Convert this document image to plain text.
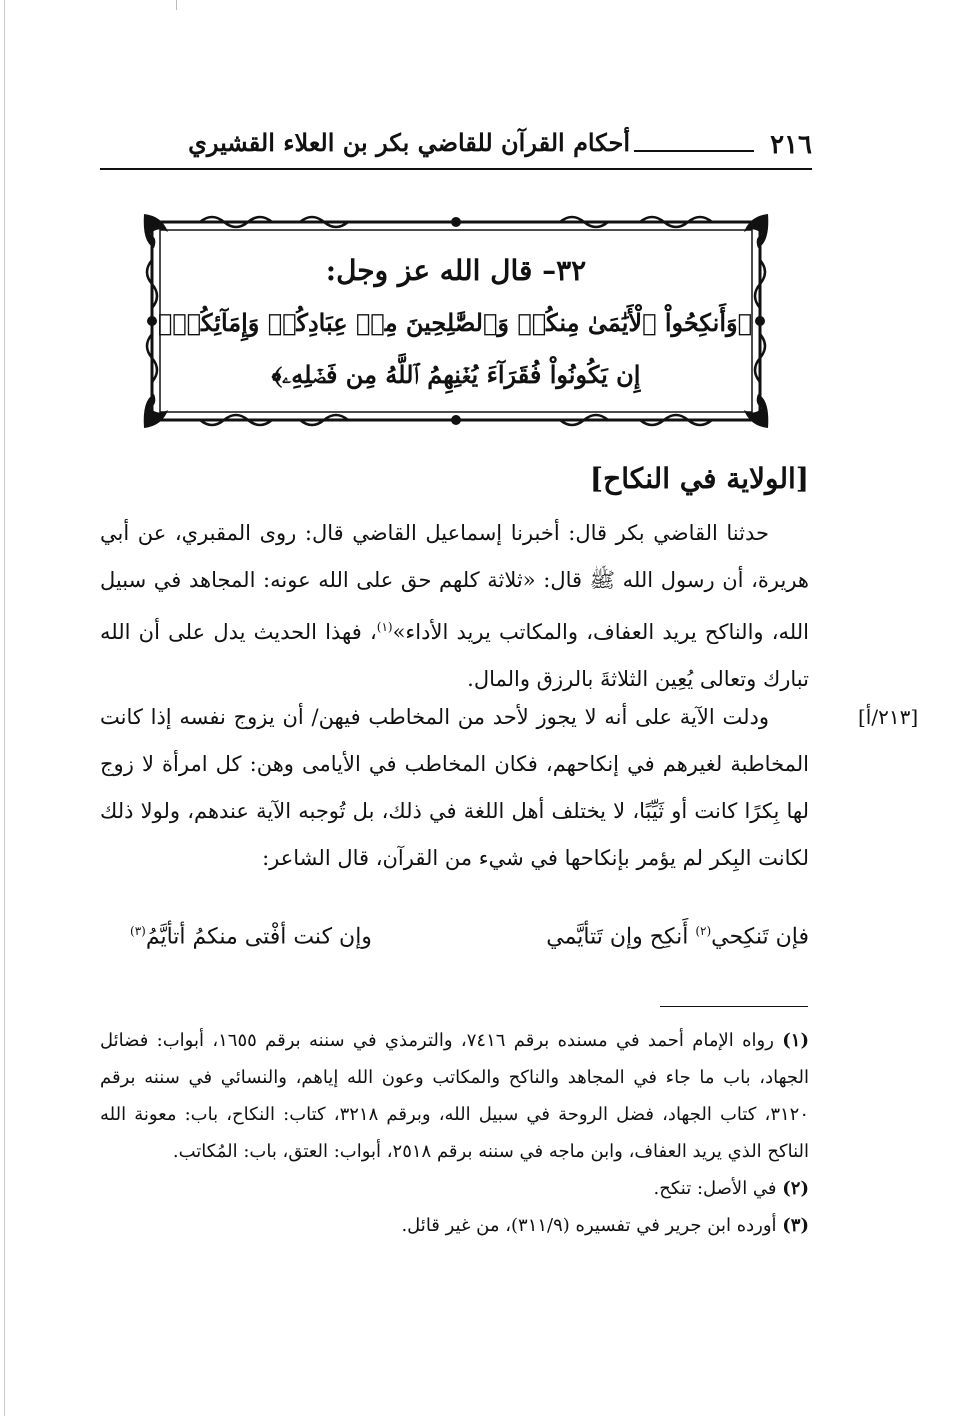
٢١٦
أحكام القرآن للقاضي بكر بن العلاء القشيري
٣٢– قال الله عز وجل:
﴿وَأَنكِحُواْ ٱلْأَيَٰمَىٰ مِنكُمۡ وَٱلصَّٰلِحِينَ مِنۡ عِبَادِكُمۡ وَإِمَآئِكُمۡۚ
إِن يَكُونُواْ فُقَرَآءَ يُغۡنِهِمُ ٱللَّهُ مِن فَضۡلِهِۦ﴾
[الولاية في النكاح]
حدثنا القاضي بكر قال: أخبرنا إسماعيل القاضي قال: روى المقبري، عن أبي هريرة، أن رسول الله ﷺ قال: «ثلاثة كلهم حق على الله عونه: المجاهد في سبيل الله، والناكح يريد العفاف، والمكاتب يريد الأداء»$^{(١)}$، فهذا الحديث يدل على أن الله تبارك وتعالى يُعِين الثلاثةَ بالرزق والمال.
[٢١٣/أ]
ودلت الآية على أنه لا يجوز لأحد من المخاطب فيهن/ أن يزوج نفسه إذا كانت المخاطبة لغيرهم في إنكاحهم، فكان المخاطب في الأيامى وهن: كل امرأة لا زوج لها بِكرًا كانت أو ثَيِّبًا، لا يختلف أهل اللغة في ذلك، بل تُوجبه الآية عندهم، ولولا ذلك لكانت البِكر لم يؤمر بإنكاحها في شيء من القرآن، قال الشاعر:
فإن تَنكِحي$^{(٢)}$ أَنكِح وإن تَتأيَّمي
وإن كنت أفْتى منكمُ أتأيَّمُ$^{(٣)}$

(١) رواه الإمام أحمد في مسنده برقم ٧٤١٦، والترمذي في سننه برقم ١٦٥٥، أبواب: فضائل الجهاد، باب ما جاء في المجاهد والناكح والمكاتب وعون الله إياهم، والنسائي في سننه برقم ٣١٢٠، كتاب الجهاد، فضل الروحة في سبيل الله، وبرقم ٣٢١٨، كتاب: النكاح، باب: معونة الله الناكح الذي يريد العفاف، وابن ماجه في سننه برقم ٢٥١٨، أبواب: العتق، باب: المُكاتب.

(٢) في الأصل: تنكح.

(٣) أورده ابن جرير في تفسيره (٣١١/٩)، من غير قائل.
